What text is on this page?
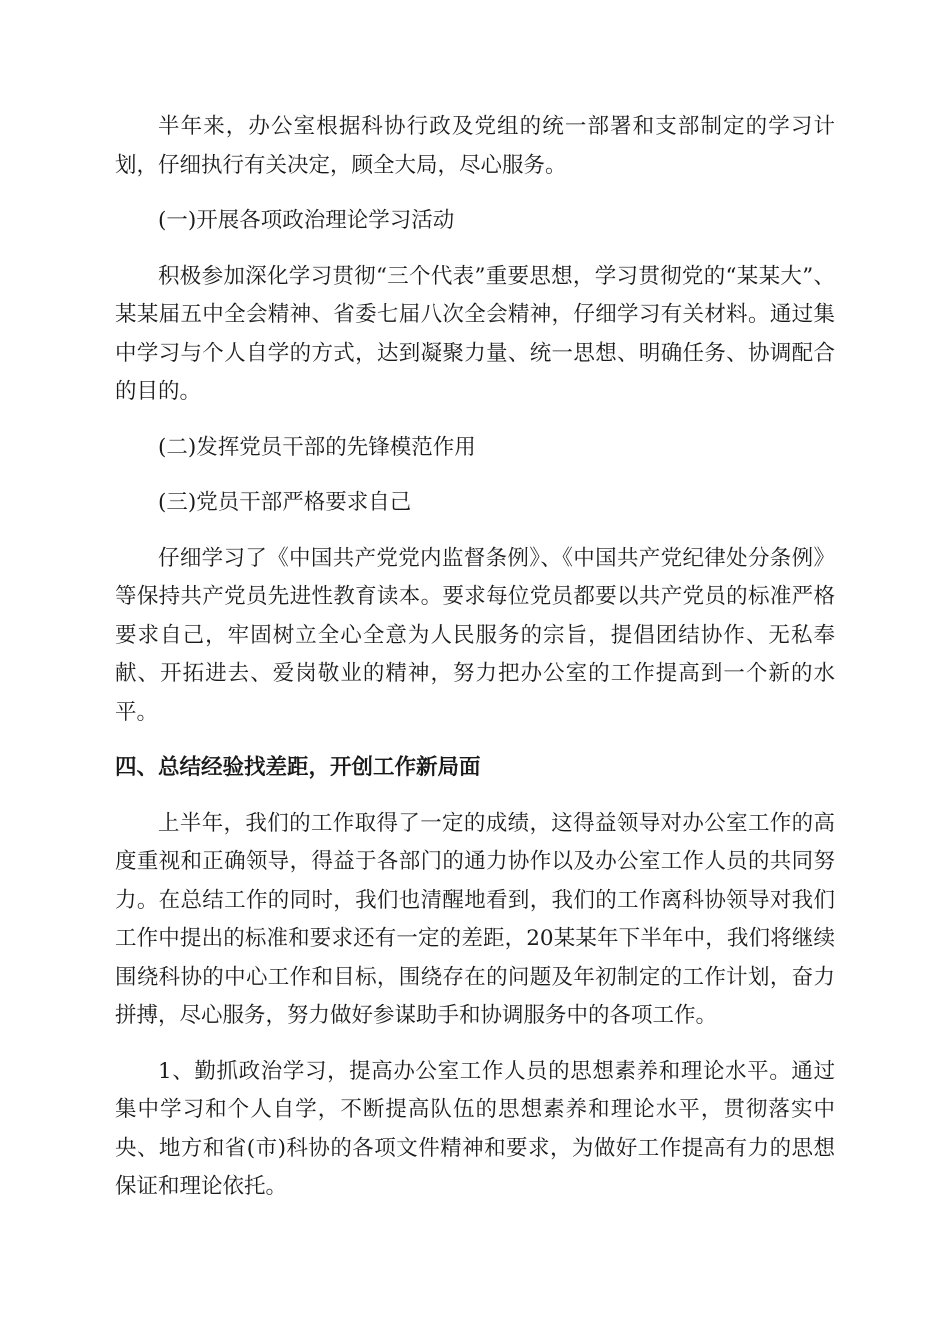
半年来，办公室根据科协行政及党组的统一部署和支部制定的学习计划，仔细执行有关决定，顾全大局，尽心服务。

(一)开展各项政治理论学习活动

积极参加深化学习贯彻“三个代表”重要思想，学习贯彻党的“某某大”、某某届五中全会精神、省委七届八次全会精神，仔细学习有关材料。通过集中学习与个人自学的方式，达到凝聚力量、统一思想、明确任务、协调配合的目的。

(二)发挥党员干部的先锋模范作用

(三)党员干部严格要求自己

仔细学习了《中国共产党党内监督条例》、《中国共产党纪律处分条例》等保持共产党员先进性教育读本。要求每位党员都要以共产党员的标准严格要求自己，牢固树立全心全意为人民服务的宗旨，提倡团结协作、无私奉献、开拓进去、爱岗敬业的精神，努力把办公室的工作提高到一个新的水平。

四、总结经验找差距，开创工作新局面

上半年，我们的工作取得了一定的成绩，这得益领导对办公室工作的高度重视和正确领导，得益于各部门的通力协作以及办公室工作人员的共同努力。在总结工作的同时，我们也清醒地看到，我们的工作离科协领导对我们工作中提出的标准和要求还有一定的差距，20某某年下半年中，我们将继续围绕科协的中心工作和目标，围绕存在的问题及年初制定的工作计划，奋力拼搏，尽心服务，努力做好参谋助手和协调服务中的各项工作。

1、勤抓政治学习，提高办公室工作人员的思想素养和理论水平。通过集中学习和个人自学，不断提高队伍的思想素养和理论水平，贯彻落实中央、地方和省(市)科协的各项文件精神和要求，为做好工作提高有力的思想保证和理论依托。
